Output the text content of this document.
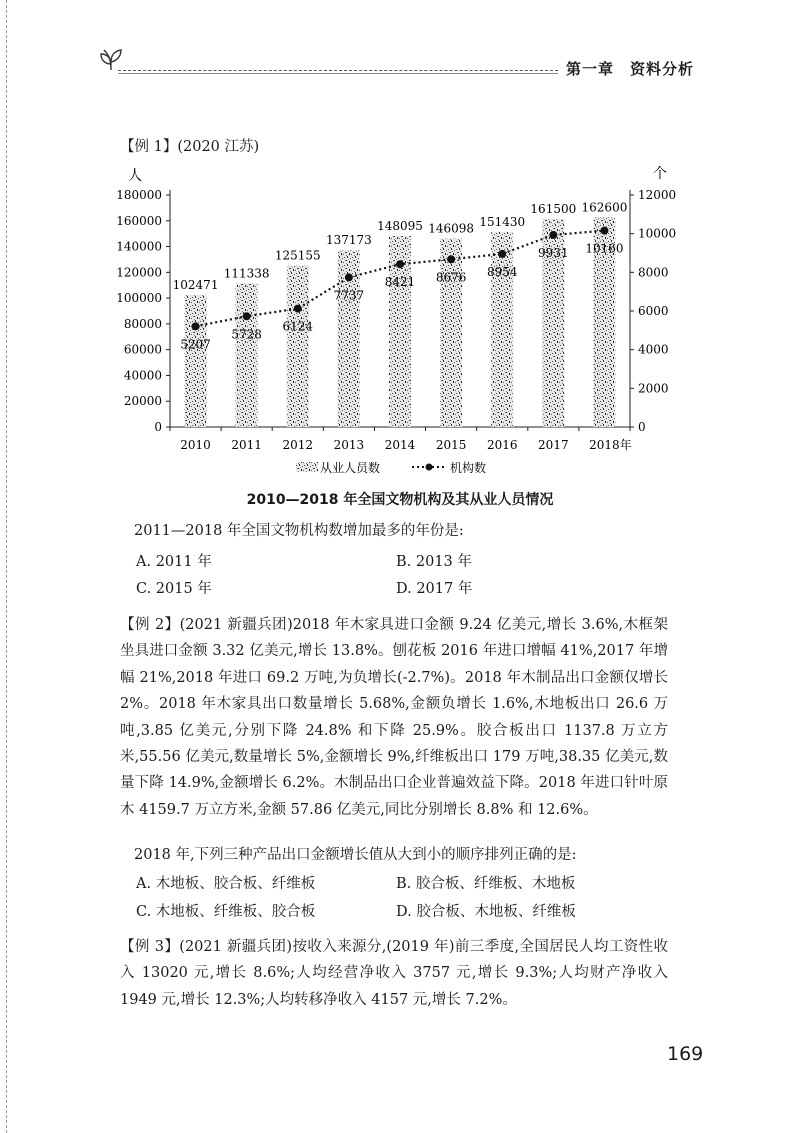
第一章　资料分析
【例 1】(2020 江苏)
人	个
0
20000
40000
60000
80000
100000
120000
140000
160000
180000
0
2000
4000
6000
8000
10000
12000
2010 2011 2012 2013 2014 2015 2016 2017 2018年
102471
111338
125155
137173
148095 146098 151430
161500 162600
5207
5728
6124
7737
8421 8676 8954
9931 10160
从业人员数	机构数
2010—2018 年全国文物机构及其从业人员情况
2011—2018 年全国文物机构数增加最多的年份是:
A. 2011 年	B. 2013 年
C. 2015 年	D. 2017 年
【例 2】(2021 新疆兵团)2018 年木家具进口金额 9.24 亿美元,增长 3.6%,木框架坐具进口金额 3.32 亿美元,增长 13.8%。刨花板 2016 年进口增幅 41%,2017 年增幅 21%,2018 年进口 69.2 万吨,为负增长(-2.7%)。2018 年木制品出口金额仅增长 2%。2018 年木家具出口数量增长 5.68%,金额负增长 1.6%,木地板出口 26.6 万吨,3.85 亿美元,分别下降 24.8% 和下降 25.9%。胶合板出口 1137.8 万立方米,55.56 亿美元,数量增长 5%,金额增长 9%,纤维板出口 179 万吨,38.35 亿美元,数量下降 14.9%,金额增长 6.2%。木制品出口企业普遍效益下降。2018 年进口针叶原木 4159.7 万立方米,金额 57.86 亿美元,同比分别增长 8.8% 和 12.6%。
2018 年,下列三种产品出口金额增长值从大到小的顺序排列正确的是:
A. 木地板、胶合板、纤维板	B. 胶合板、纤维板、木地板
C. 木地板、纤维板、胶合板	D. 胶合板、木地板、纤维板
【例 3】(2021 新疆兵团)按收入来源分,(2019 年)前三季度,全国居民人均工资性收入 13020 元,增长 8.6%;人均经营净收入 3757 元,增长 9.3%;人均财产净收入 1949 元,增长 12.3%;人均转移净收入 4157 元,增长 7.2%。
169
